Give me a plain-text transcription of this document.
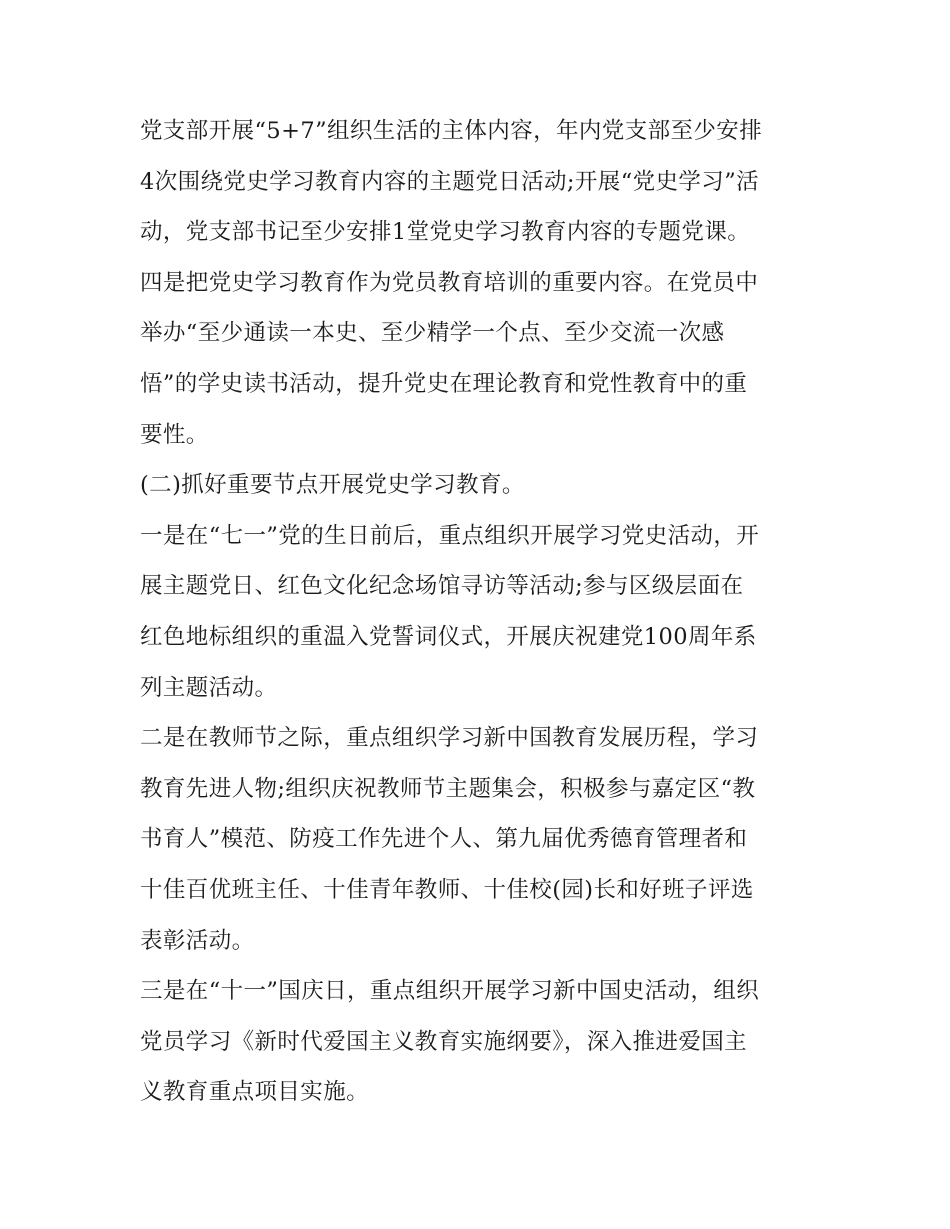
党支部开展“5+7”组织生活的主体内容，年内党支部至少安排
4次围绕党史学习教育内容的主题党日活动;开展“党史学习”活
动，党支部书记至少安排1堂党史学习教育内容的专题党课。
四是把党史学习教育作为党员教育培训的重要内容。在党员中
举办“至少通读一本史、至少精学一个点、至少交流一次感
悟”的学史读书活动，提升党史在理论教育和党性教育中的重
要性。
(二)抓好重要节点开展党史学习教育。
一是在“七一”党的生日前后，重点组织开展学习党史活动，开
展主题党日、红色文化纪念场馆寻访等活动;参与区级层面在
红色地标组织的重温入党誓词仪式，开展庆祝建党100周年系
列主题活动。
二是在教师节之际，重点组织学习新中国教育发展历程，学习
教育先进人物;组织庆祝教师节主题集会，积极参与嘉定区“教
书育人”模范、防疫工作先进个人、第九届优秀德育管理者和
十佳百优班主任、十佳青年教师、十佳校(园)长和好班子评选
表彰活动。
三是在“十一”国庆日，重点组织开展学习新中国史活动，组织
党员学习《新时代爱国主义教育实施纲要》，深入推进爱国主
义教育重点项目实施。
